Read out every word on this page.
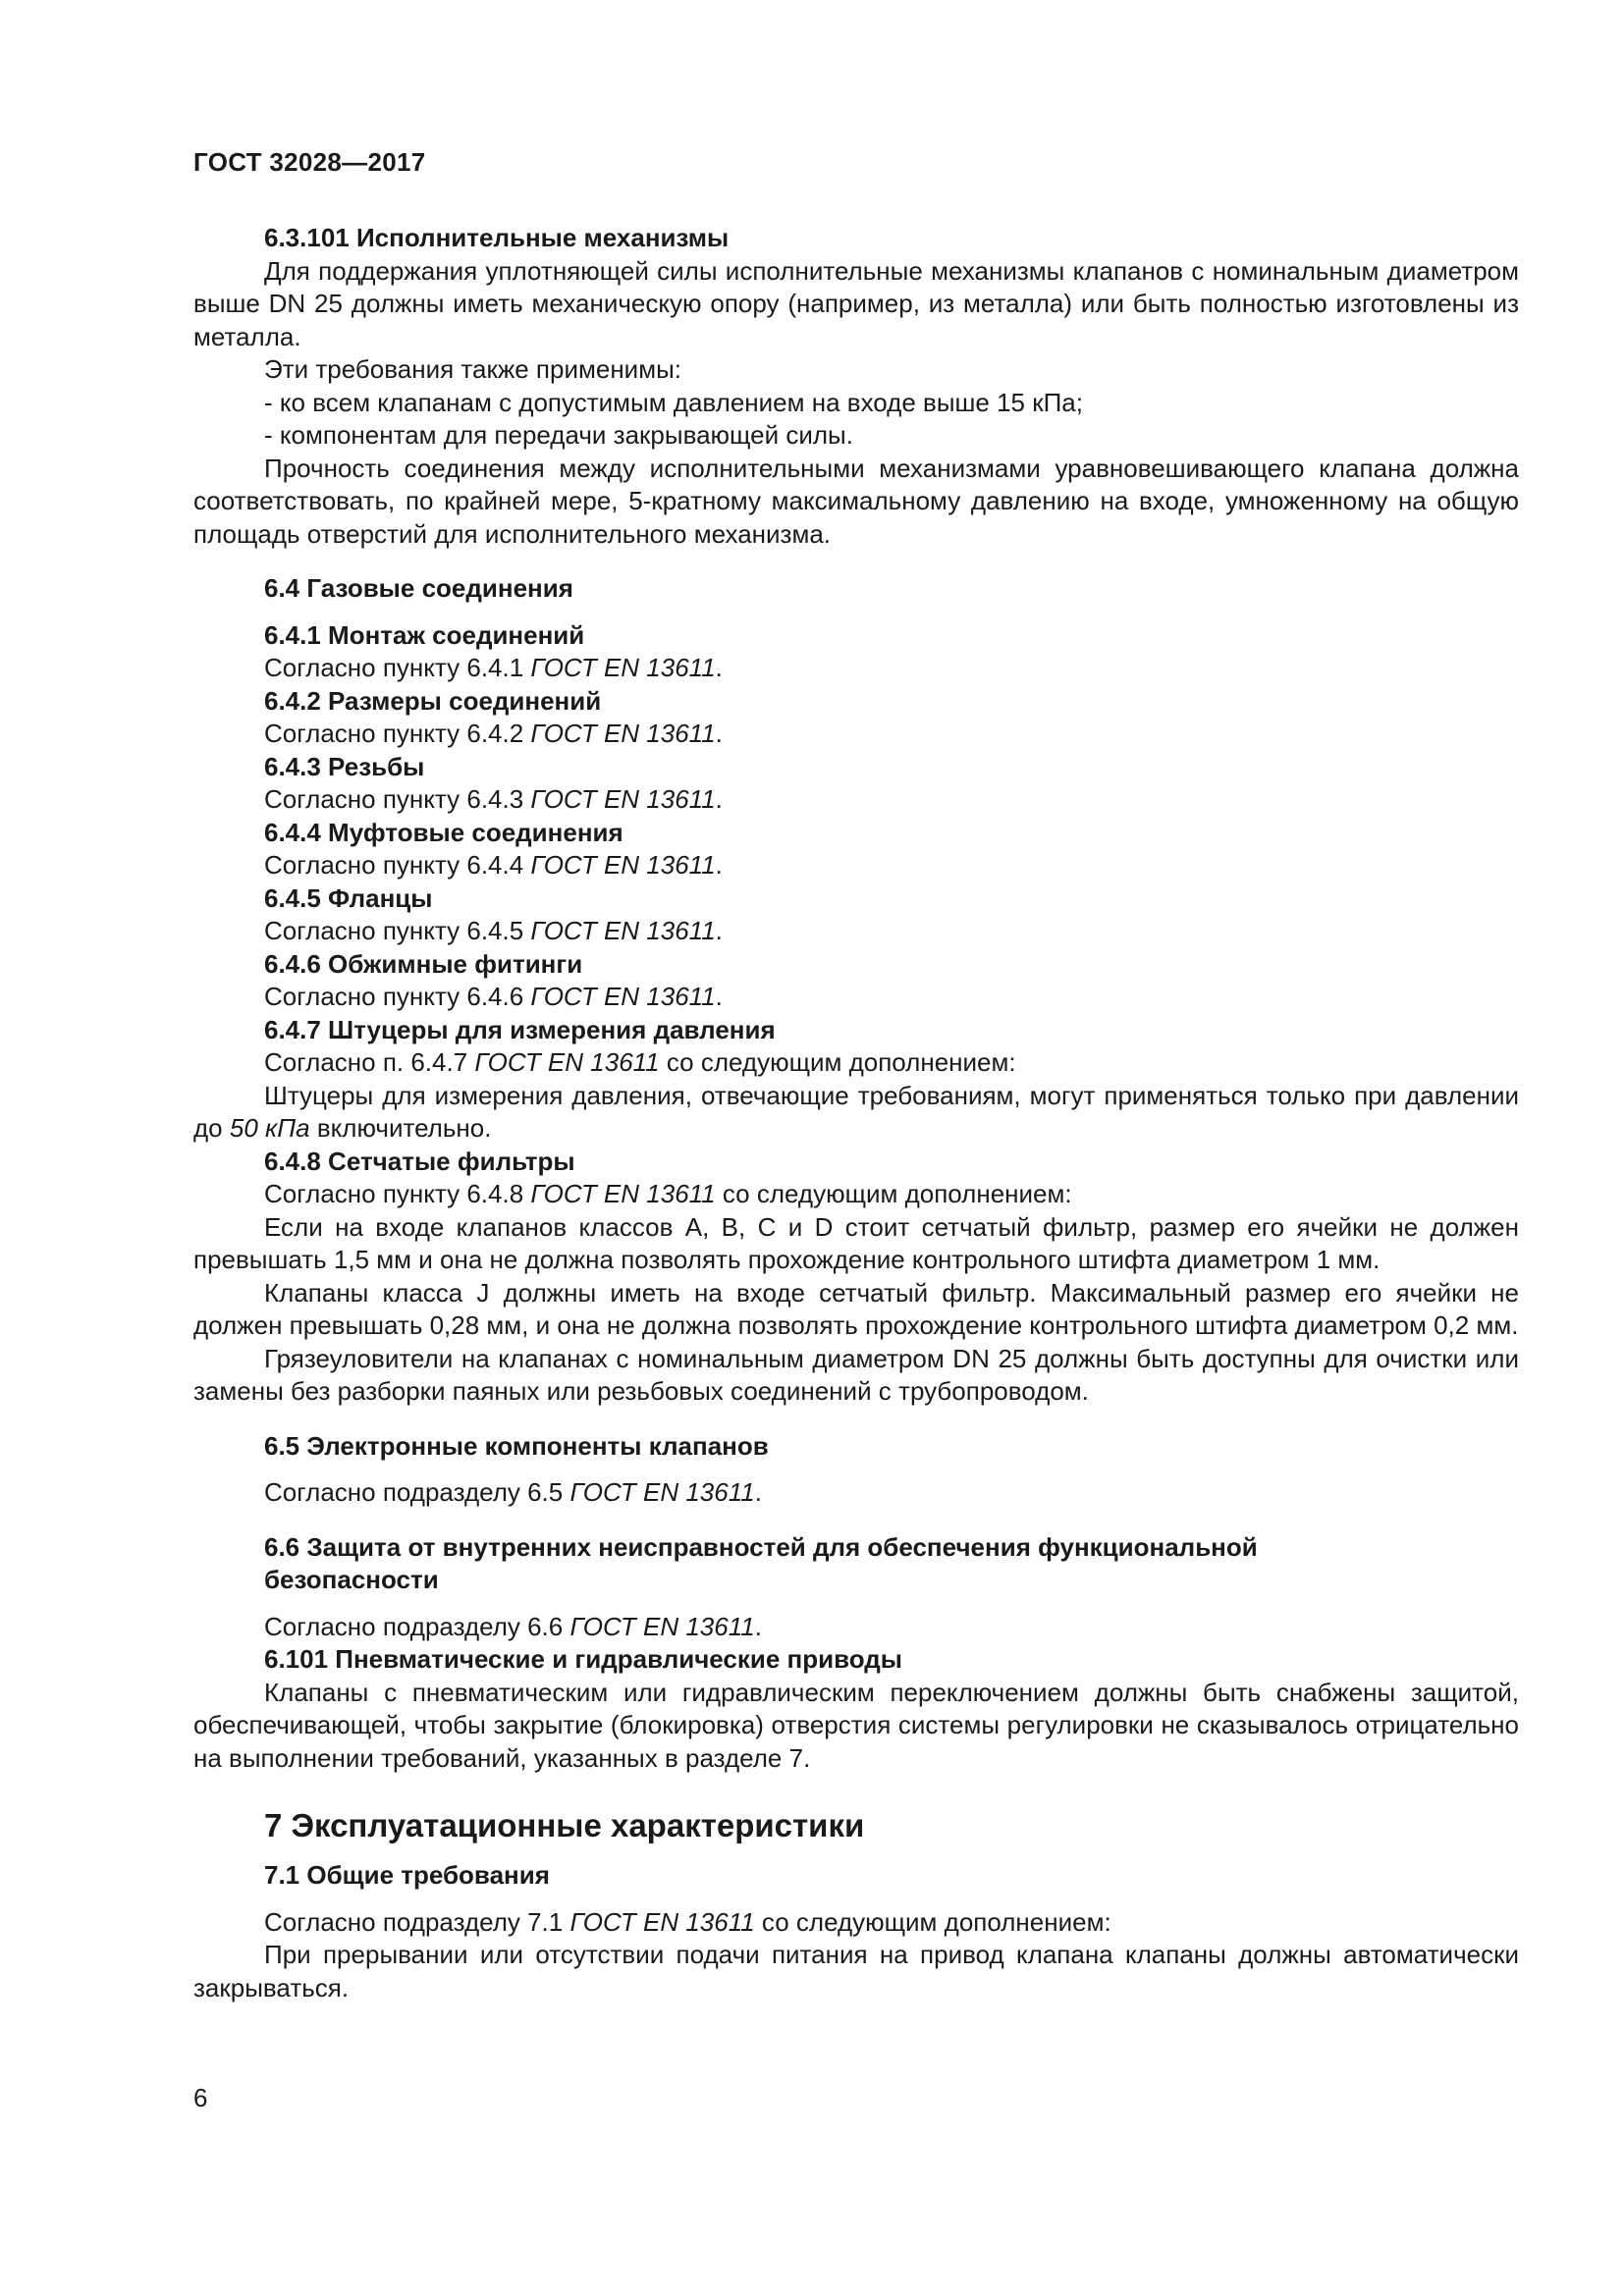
ГОСТ 32028—2017

6.3.101 Исполнительные механизмы

Для поддержания уплотняющей силы исполнительные механизмы клапанов с номинальным диаметром выше DN 25 должны иметь механическую опору (например, из металла) или быть полностью изготовлены из металла.

Эти требования также применимы:

- ко всем клапанам с допустимым давлением на входе выше 15 кПа;

- компонентам для передачи закрывающей силы.

Прочность соединения между исполнительными механизмами уравновешивающего клапана должна соответствовать, по крайней мере, 5-кратному максимальному давлению на входе, умноженному на общую площадь отверстий для исполнительного механизма.

6.4 Газовые соединения

6.4.1 Монтаж соединений

Согласно пункту 6.4.1 ГОСТ EN 13611.

6.4.2 Размеры соединений

Согласно пункту 6.4.2 ГОСТ EN 13611.

6.4.3 Резьбы

Согласно пункту 6.4.3 ГОСТ EN 13611.

6.4.4 Муфтовые соединения

Согласно пункту 6.4.4 ГОСТ EN 13611.

6.4.5 Фланцы

Согласно пункту 6.4.5 ГОСТ EN 13611.

6.4.6 Обжимные фитинги

Согласно пункту 6.4.6 ГОСТ EN 13611.

6.4.7 Штуцеры для измерения давления

Согласно п. 6.4.7 ГОСТ EN 13611 со следующим дополнением:

Штуцеры для измерения давления, отвечающие требованиям, могут применяться только при давлении до 50 кПа включительно.

6.4.8 Сетчатые фильтры

Согласно пункту 6.4.8 ГОСТ EN 13611 со следующим дополнением:

Если на входе клапанов классов A, B, C и D стоит сетчатый фильтр, размер его ячейки не должен превышать 1,5 мм и она не должна позволять прохождение контрольного штифта диаметром 1 мм.

Клапаны класса J должны иметь на входе сетчатый фильтр. Максимальный размер его ячейки не должен превышать 0,28 мм, и она не должна позволять прохождение контрольного штифта диаметром 0,2 мм.

Грязеуловители на клапанах с номинальным диаметром DN 25 должны быть доступны для очистки или замены без разборки паяных или резьбовых соединений с трубопроводом.

6.5 Электронные компоненты клапанов

Согласно подразделу 6.5 ГОСТ EN 13611.

6.6 Защита от внутренних неисправностей для обеспечения функциональной
безопасности

Согласно подразделу 6.6 ГОСТ EN 13611.

6.101 Пневматические и гидравлические приводы

Клапаны с пневматическим или гидравлическим переключением должны быть снабжены защитой, обеспечивающей, чтобы закрытие (блокировка) отверстия системы регулировки не сказывалось отрицательно на выполнении требований, указанных в разделе 7.

7 Эксплуатационные характеристики

7.1 Общие требования

Согласно подразделу 7.1 ГОСТ EN 13611 со следующим дополнением:

При прерывании или отсутствии подачи питания на привод клапана клапаны должны автоматически закрываться.

6
